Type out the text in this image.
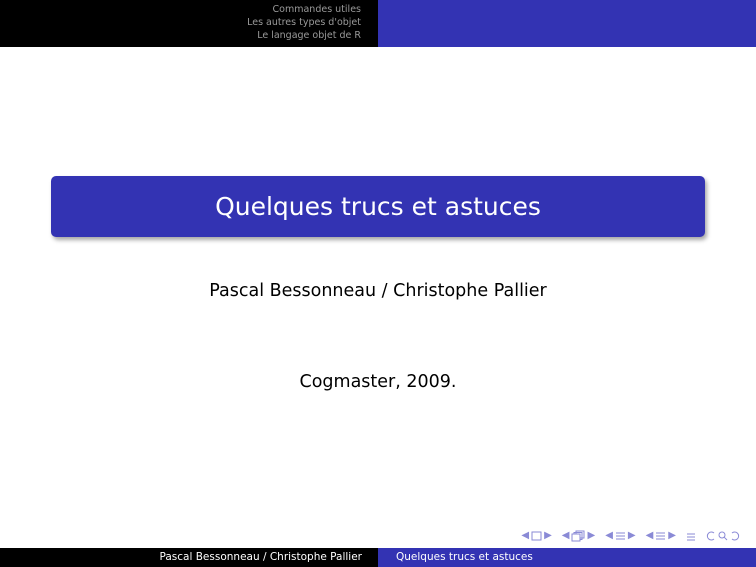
Commandes utiles
Les autres types d'objet
Le langage objet de R
Quelques trucs et astuces
Pascal Bessonneau / Christophe Pallier
Cogmaster, 2009.
◀ ▶ ◀ ▶ ◀ ▶ ◀ ▶
Pascal Bessonneau / Christophe Pallier	Quelques trucs et astuces
